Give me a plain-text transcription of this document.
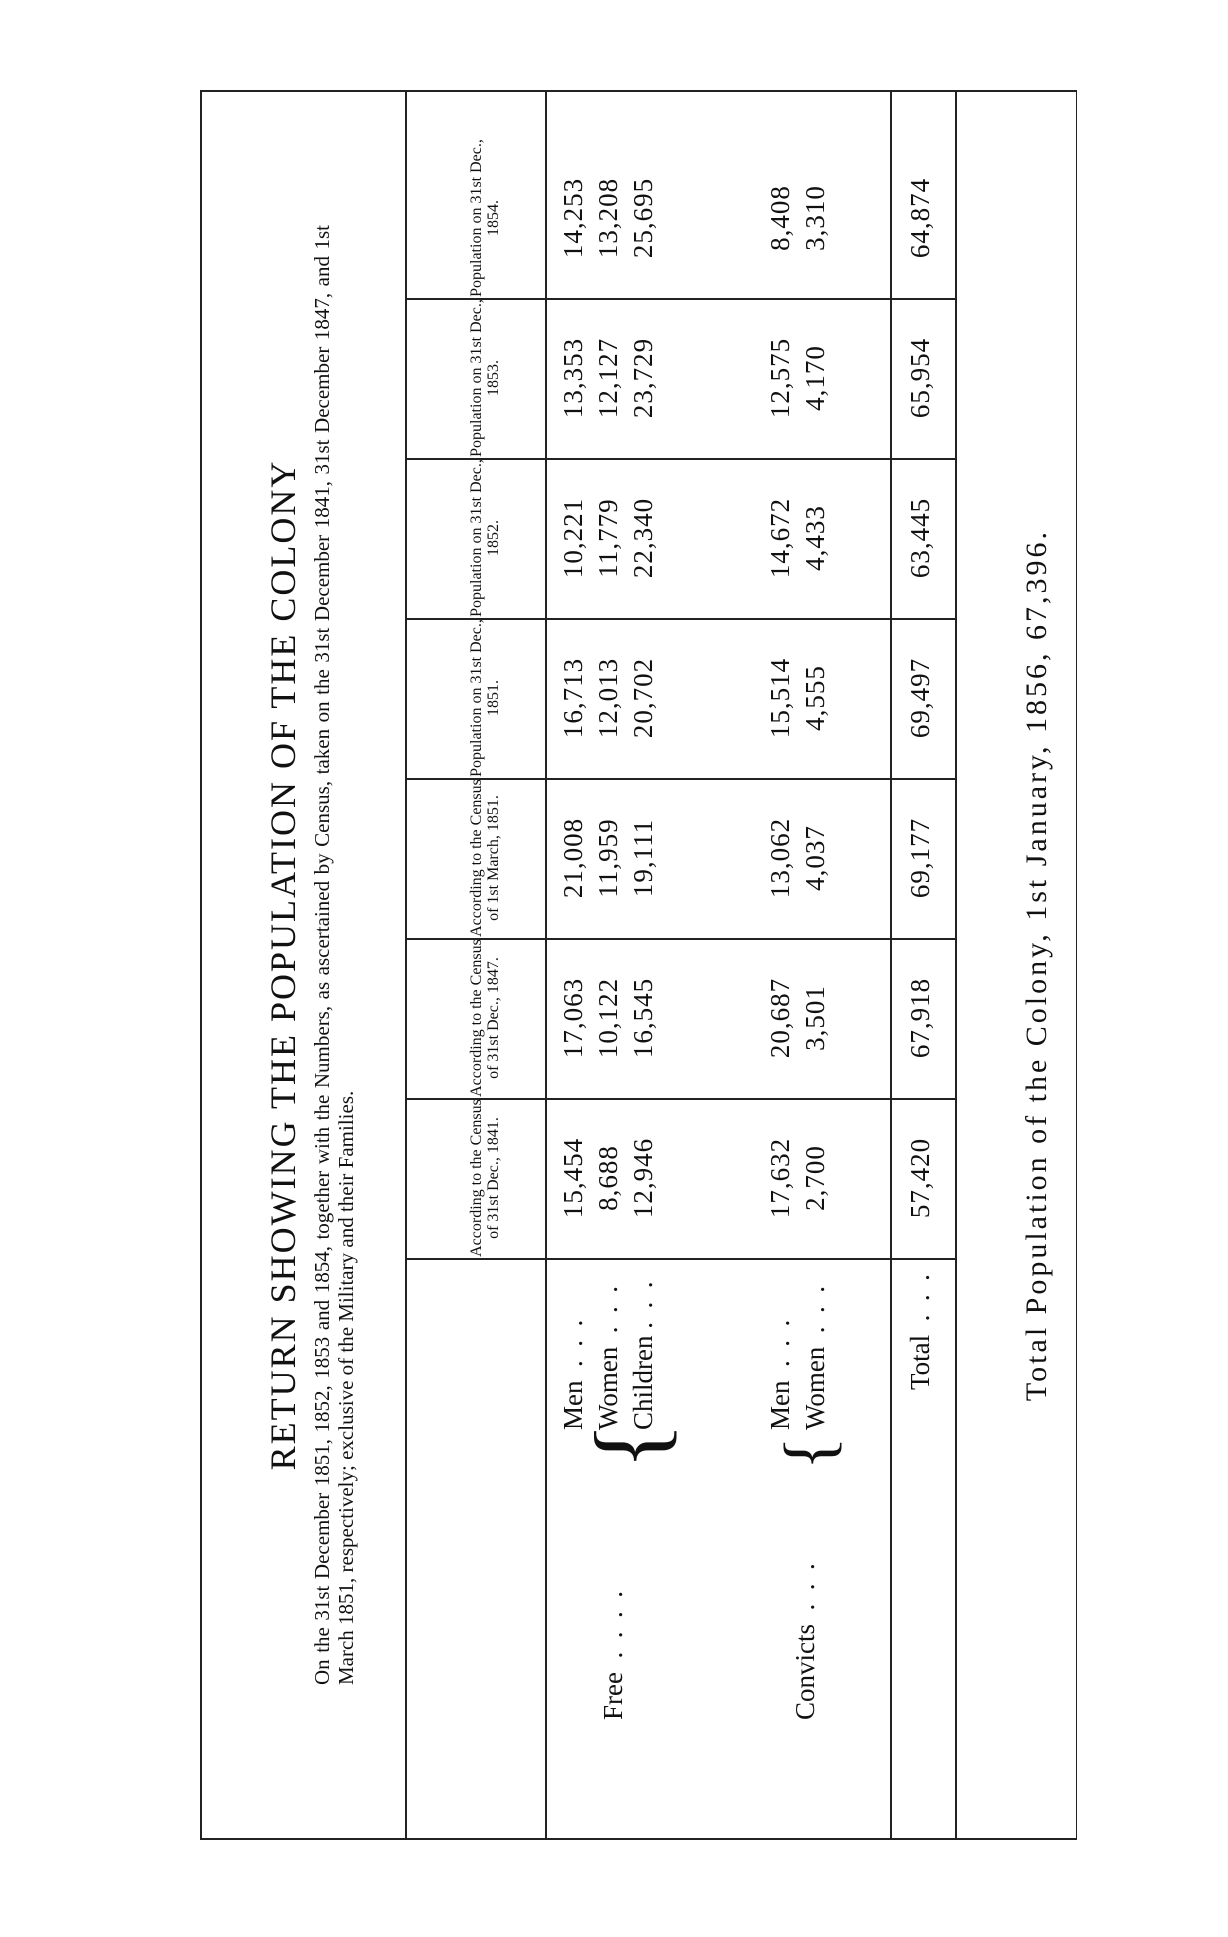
RETURN SHOWING THE POPULATION OF THE COLONY On the 31st December 1851, 1852, 1853 and 1854, together with the Numbers, as ascertained by Census, taken on the 31st December 1841, 31st December 1847, and 1st March 1851, respectively; exclusive of the Military and their Families.	According to the Census of 31st Dec., 1841.
According to the Census of 31st Dec., 1847.
According to the Census of 1st March, 1851.
Population on 31st Dec., 1851.
Population on 31st Dec., 1852.
Population on 31st Dec., 1853.
Population on 31st Dec., 1854.
Free  .  .  .  .	Convicts  .  .  .
{ {
Men  .  .  . Women  .  .  .
Children .  .  .
Men  .  .  . Women  .  .  .
Total  .  .  .
15,454
17,063
21,008
16,713
10,221
13,353
14,253
8,688
10,122
11,959
12,013
11,779
12,127
13,208
12,946
16,545
19,111
20,702
22,340
23,729
25,695
17,632
20,687
13,062
15,514
14,672
12,575
8,408
2,700
3,501
4,037
4,555
4,433
4,170
3,310
57,420
67,918
69,177
69,497
63,445
65,954
64,874
Total Population of the Colony, 1st January, 1856, 67,396.
